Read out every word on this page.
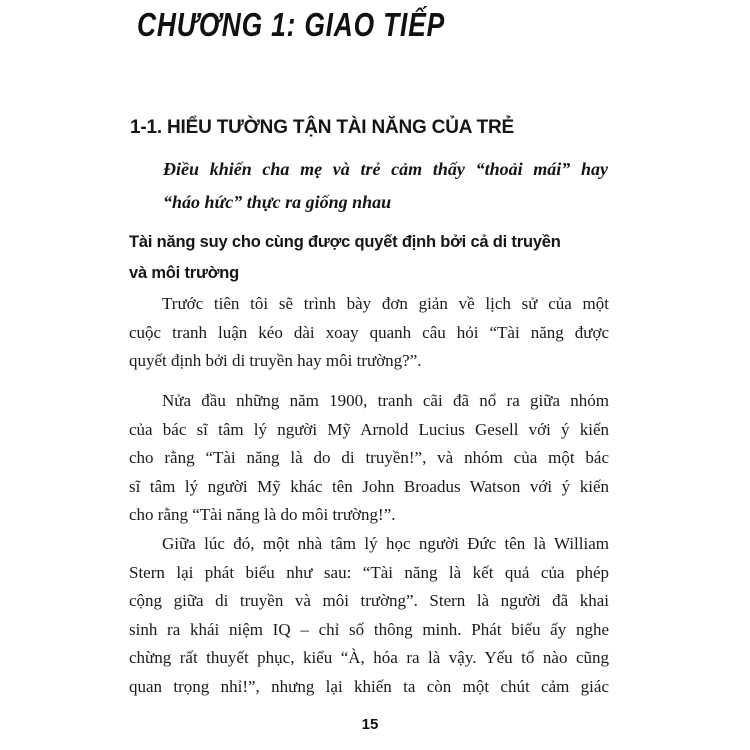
CHƯƠNG 1: GIAO TIẾP
1-1. HIỂU TƯỜNG TẬN TÀI NĂNG CỦA TRẺ
Điều khiến cha mẹ và trẻ cảm thấy “thoải mái” hay
“háo hức” thực ra giống nhau
Tài năng suy cho cùng được quyết định bởi cả di truyền
và môi trường
Trước tiên tôi sẽ trình bày đơn giản về lịch sử của một
cuộc tranh luận kéo dài xoay quanh câu hỏi “Tài năng được
quyết định bởi di truyền hay môi trường?”.
Nửa đầu những năm 1900, tranh cãi đã nổ ra giữa nhóm
của bác sĩ tâm lý người Mỹ Arnold Lucius Gesell với ý kiến
cho rằng “Tài năng là do di truyền!”, và nhóm của một bác
sĩ tâm lý người Mỹ khác tên John Broadus Watson với ý kiến
cho rằng “Tài năng là do môi trường!”.
Giữa lúc đó, một nhà tâm lý học người Đức tên là William
Stern lại phát biểu như sau: “Tài năng là kết quả của phép
cộng giữa di truyền và môi trường”. Stern là người đã khai
sinh ra khái niệm IQ – chỉ số thông minh. Phát biểu ấy nghe
chừng rất thuyết phục, kiểu “À, hóa ra là vậy. Yếu tố nào cũng
quan trọng nhỉ!”, nhưng lại khiến ta còn một chút cảm giác
15
